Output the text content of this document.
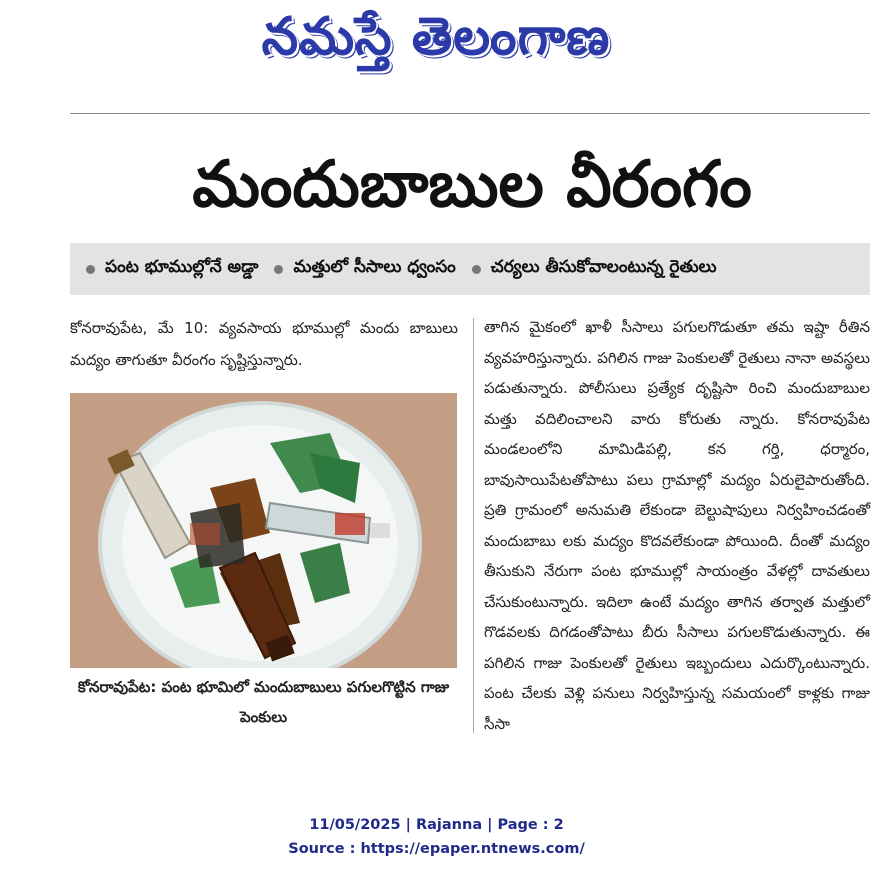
నమస్తే తెలంగాణ
మందుబాబుల వీరంగం
పంట భూముల్లోనే అడ్డా మత్తులో సీసాలు ధ్వంసం చర్యలు తీసుకోవాలంటున్న రైతులు
కోనరావుపేట, మే 10: వ్యవసాయ భూముల్లో మందు బాబులు మద్యం తాగుతూ వీరంగం సృష్టిస్తున్నారు.
కోనరావుపేట: పంట భూమిలో మందుబాబులు పగులగొట్టిన గాజు పెంకులు
తాగిన మైకంలో ఖాళీ సీసాలు పగులగొడుతూ తమ ఇష్టా రీతిన వ్యవహరిస్తున్నారు. పగిలిన గాజు పెంకులతో రైతులు నానా అవస్థలు పడుతున్నారు. పోలీసులు ప్రత్యేక దృష్టిసా రించి మందుబాబుల మత్తు వదిలించాలని వారు కోరుతు న్నారు. కోనరావుపేట మండలంలోని మామిడిపల్లి, కన గర్తి, ధర్మారం, బావుసాయిపేటతోపాటు పలు గ్రామాల్లో మద్యం ఏరులైపారుతోంది. ప్రతి గ్రామంలో అనుమతి లేకుండా బెల్టుషాపులు నిర్వహించడంతో మందుబాబు లకు మద్యం కొదవలేకుండా పోయింది. దీంతో మద్యం తీసుకుని నేరుగా పంట భూముల్లో సాయంత్రం వేళల్లో దావతులు చేసుకుంటున్నారు. ఇదిలా ఉంటే మద్యం తాగిన తర్వాత మత్తులో గొడవలకు దిగడంతోపాటు బీరు సీసాలు పగులకొడుతున్నారు. ఈ పగిలిన గాజు పెంకులతో రైతులు ఇబ్బందులు ఎదుర్కొంటున్నారు. పంట చేలకు వెళ్లి పనులు నిర్వహిస్తున్న సమయంలో కాళ్లకు గాజు సీసా
11/05/2025 | Rajanna | Page : 2
Source : https://epaper.ntnews.com/
